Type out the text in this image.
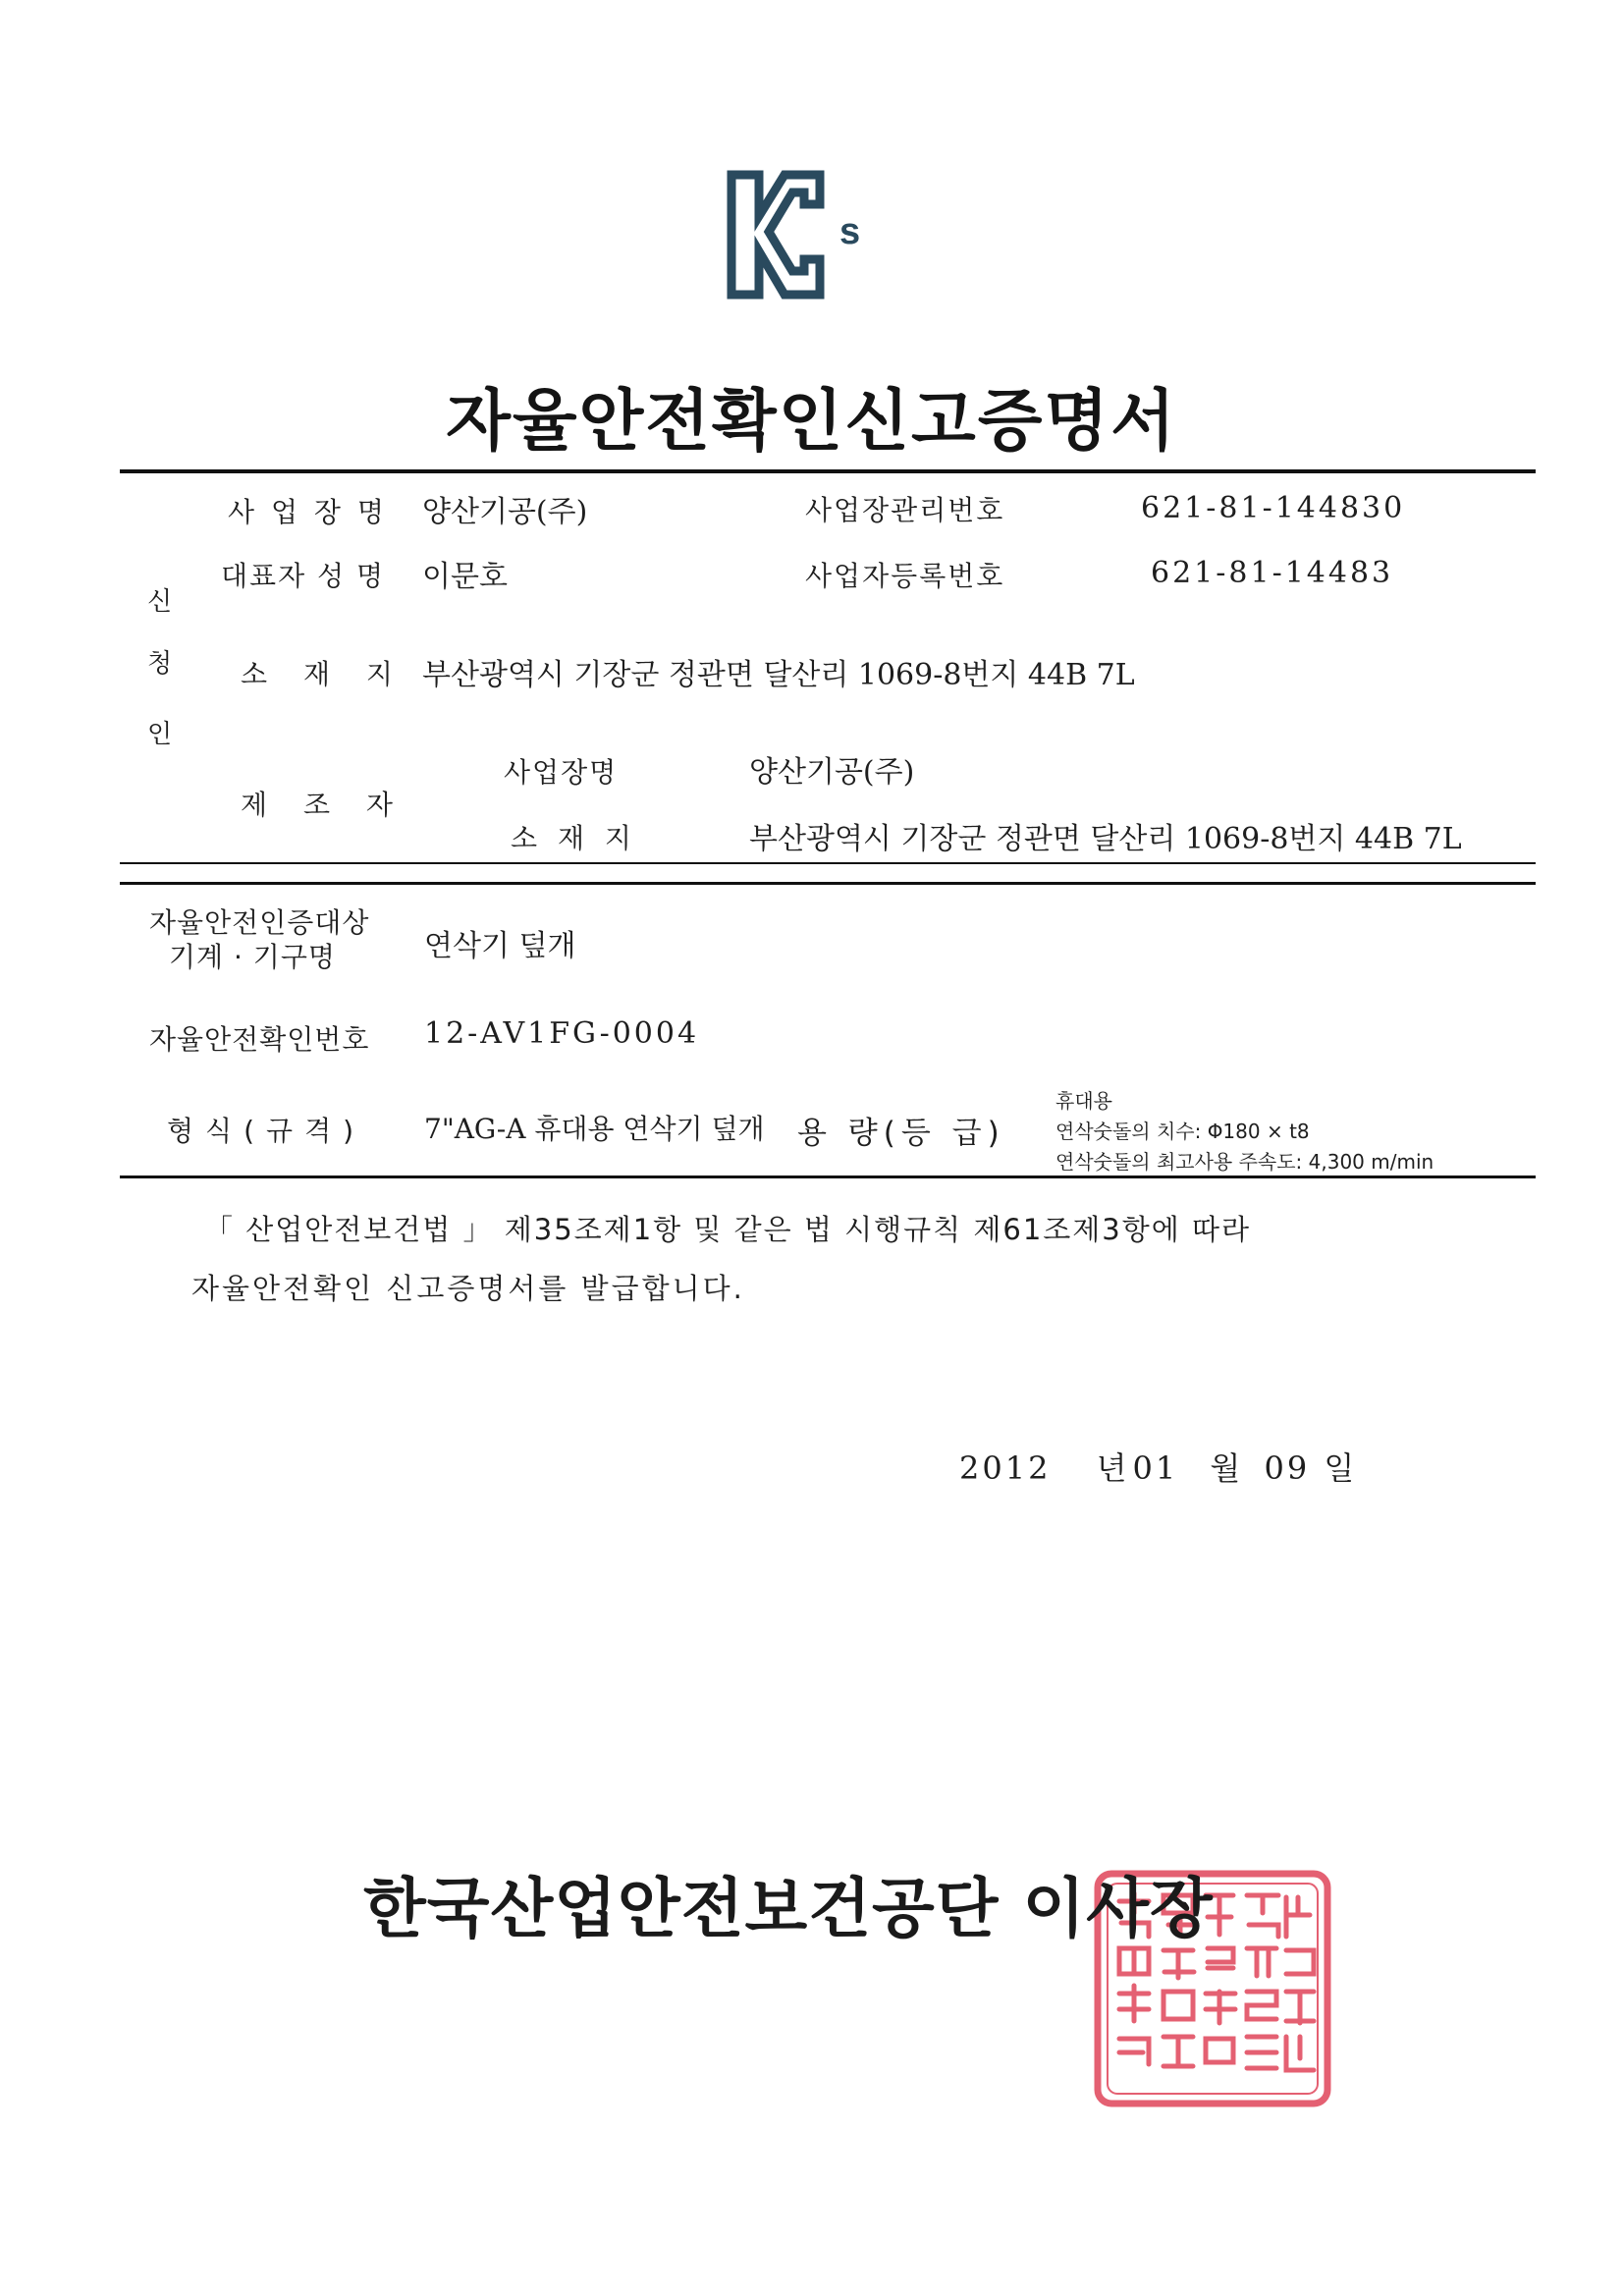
s
자율안전확인신고증명서
신
청
인
사 업 장 명 양산기공(주)	사업장관리번호	621-81-144830
대표자 성 명 이문호	사업자등록번호	621-81-14483
소 재 지 부산광역시 기장군 정관면 달산리 1069-8번지 44B 7L
제 조 자
사업장명	양산기공(주)
소 재 지	부산광역시 기장군 정관면 달산리 1069-8번지 44B 7L
자율안전인증대상
기계 · 기구명	연삭기 덮개
자율안전확인번호 12-AV1FG-0004
형식(규격) 7"AG-A 휴대용 연삭기 덮개 용 량(등 급)
휴대용
연삭숫돌의 치수: Φ180 × t8
연삭숫돌의 최고사용 주속도: 4,300 m/min
「 산업안전보건법 」 제35조제1항 및 같은 법 시행규칙 제61조제3항에 따라
자율안전확인 신고증명서를 발급합니다.
2012 년 01 월 09 일
한국산업안전보건공단 이사장
